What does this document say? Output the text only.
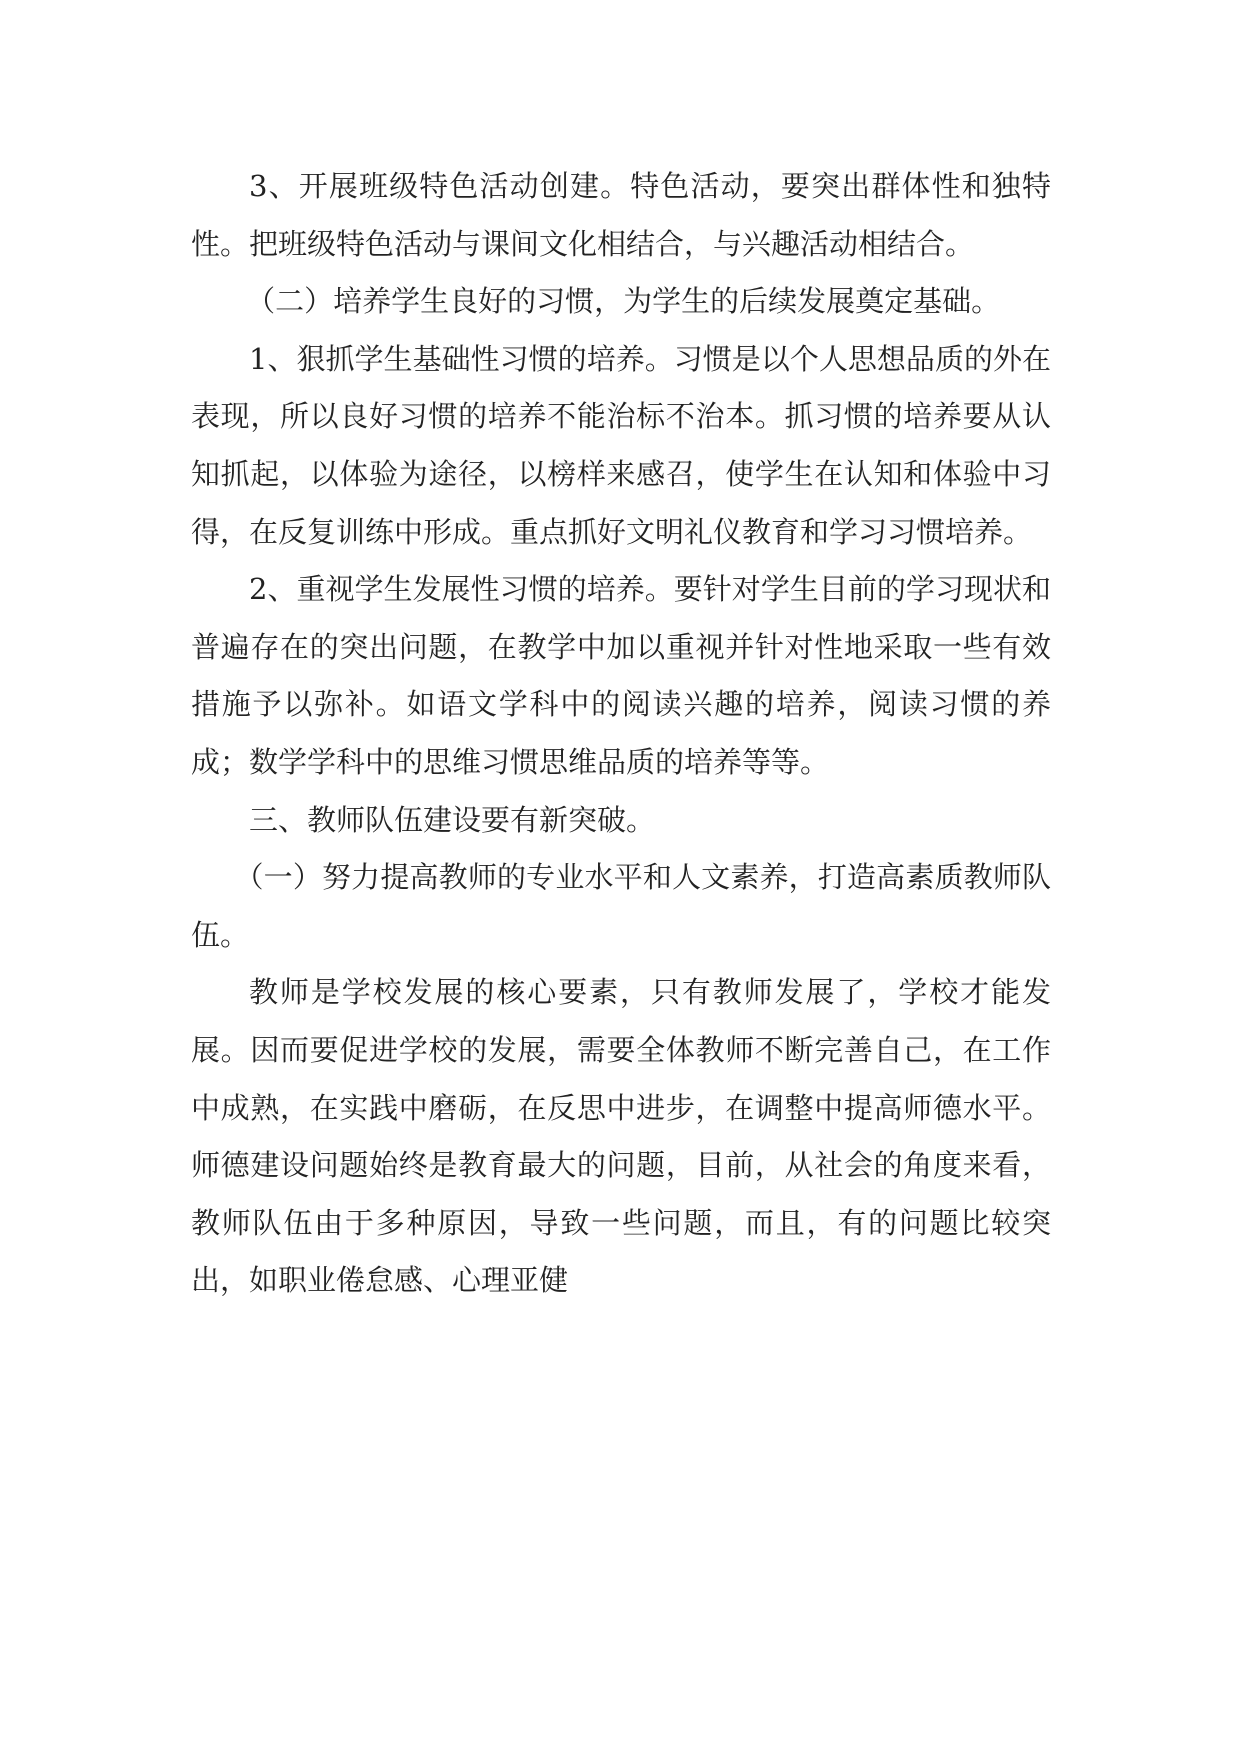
3、开展班级特色活动创建。特色活动，要突出群体性和独特性。把班级特色活动与课间文化相结合，与兴趣活动相结合。

（二）培养学生良好的习惯，为学生的后续发展奠定基础。

1、狠抓学生基础性习惯的培养。习惯是以个人思想品质的外在表现，所以良好习惯的培养不能治标不治本。抓习惯的培养要从认知抓起，以体验为途径，以榜样来感召，使学生在认知和体验中习得，在反复训练中形成。重点抓好文明礼仪教育和学习习惯培养。

2、重视学生发展性习惯的培养。要针对学生目前的学习现状和普遍存在的突出问题，在教学中加以重视并针对性地采取一些有效措施予以弥补。如语文学科中的阅读兴趣的培养，阅读习惯的养成；数学学科中的思维习惯思维品质的培养等等。

三、教师队伍建设要有新突破。

（一）努力提高教师的专业水平和人文素养，打造高素质教师队伍。

教师是学校发展的核心要素，只有教师发展了，学校才能发展。因而要促进学校的发展，需要全体教师不断完善自己，在工作中成熟，在实践中磨砺，在反思中进步，在调整中提高师德水平。师德建设问题始终是教育最大的问题，目前，从社会的角度来看，教师队伍由于多种原因，导致一些问题，而且，有的问题比较突出，如职业倦怠感、心理亚健
